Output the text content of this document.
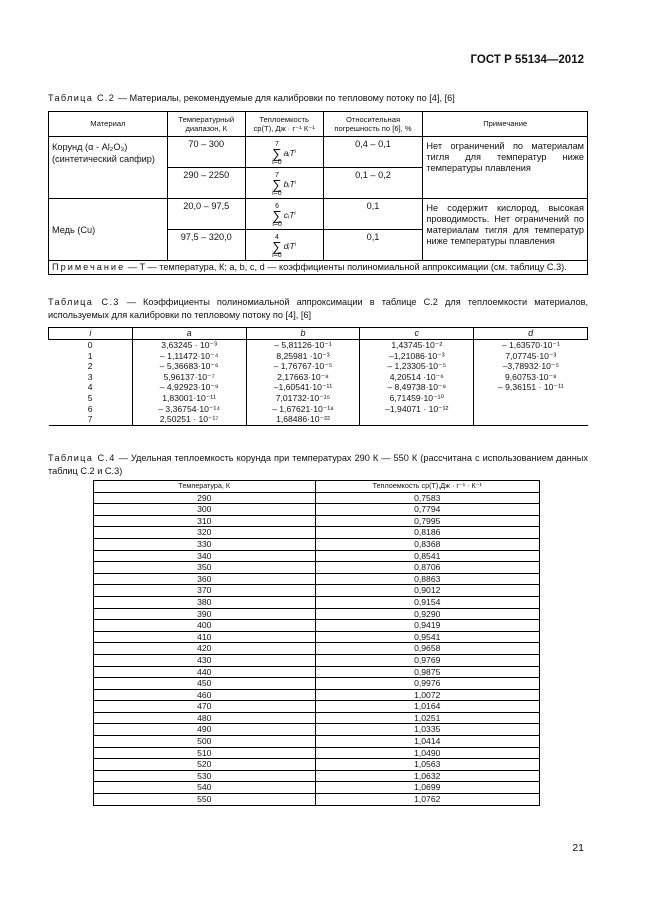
ГОСТ Р 55134—2012
Таблица С.2 — Материалы, рекомендуемые для калибровки по тепловому потоку по [4], [6]
Материал	Температурный диапазон, К	Теплоемкость cp(T), Дж · г⁻¹ К⁻¹	Относительная погрешность по [6], %	Примечание
Корунд (α - Al₂O₃) (синтетический сапфир)	70 – 300	7
∑
i=0
aᵢTⁱ	0,4 – 0,1	Нет ограничений по материалам тигля для температур ниже температуры плавления
	290 – 2250	7
∑
i=0
bᵢTⁱ	0,1 – 0,2	
Медь (Cu)	20,0 – 97,5	6
∑
i=0
cᵢTⁱ	0,1	Не содержит кислород, высокая проводимость. Нет ограничений по материалам тигля для температур ниже температуры плавления
	97,5 – 320,0	4
∑
i=0
dᵢTⁱ	0,1	
Примечание — T — температура, К; a, b, c, d — коэффициенты полиномиальной аппроксимации (см. таблицу С.3).				
Таблица С.3 — Коэффициенты полиномиальной аппроксимации в таблице С.2 для теплоемкости материалов, используемых для калибровки по тепловому потоку по [4], [6]
i	a	b	c	d
0	3,63245 · 10⁻³	– 5,81126·10⁻¹	1,43745·10⁻²	– 1,63570·10⁻¹
1	– 1,11472·10⁻⁴	8,25981 ·10⁻³	–1,21086·10⁻³	7,07745·10⁻³
2	– 5,36683·10⁻⁶	– 1,76767·10⁻⁵	– 1,23305·10⁻⁵	–3,78932·10⁻⁵
3	5,96137·10⁻⁷	2,17663·10⁻⁸	4,20514 ·10⁻⁶	9,60753·10⁻⁸
4	– 4,92923·10⁻⁹	–1,60541·10⁻¹¹	– 8,49738·10⁻⁸	– 9,36151 · 10⁻¹¹
5	1,83001·10⁻¹¹	7,01732·10⁻¹⁵	6,71459·10⁻¹⁰	
6	– 3,36754·10⁻¹⁴	– 1,67621·10⁻¹⁸	–1,94071 · 10⁻¹²	
7	2,50251 · 10⁻¹⁷	1,68486·10⁻²²		
Таблица С.4 — Удельная теплоемкость корунда при температурах 290 К — 550 К (рассчитана с использованием данных таблиц С.2 и С.3)
Температура, К	Теплоемкость cp(T),Дж · г⁻¹ · К⁻¹
290	0,7583
300	0,7794
310	0,7995
320	0,8186
330	0,8368
340	0,8541
350	0,8706
360	0,8863
370	0,9012
380	0,9154
390	0,9290
400	0,9419
410	0,9541
420	0,9658
430	0,9769
440	0,9875
450	0,9976
460	1,0072
470	1,0164
480	1,0251
490	1,0335
500	1,0414
510	1,0490
520	1,0563
530	1,0632
540	1,0699
550	1,0762
21
